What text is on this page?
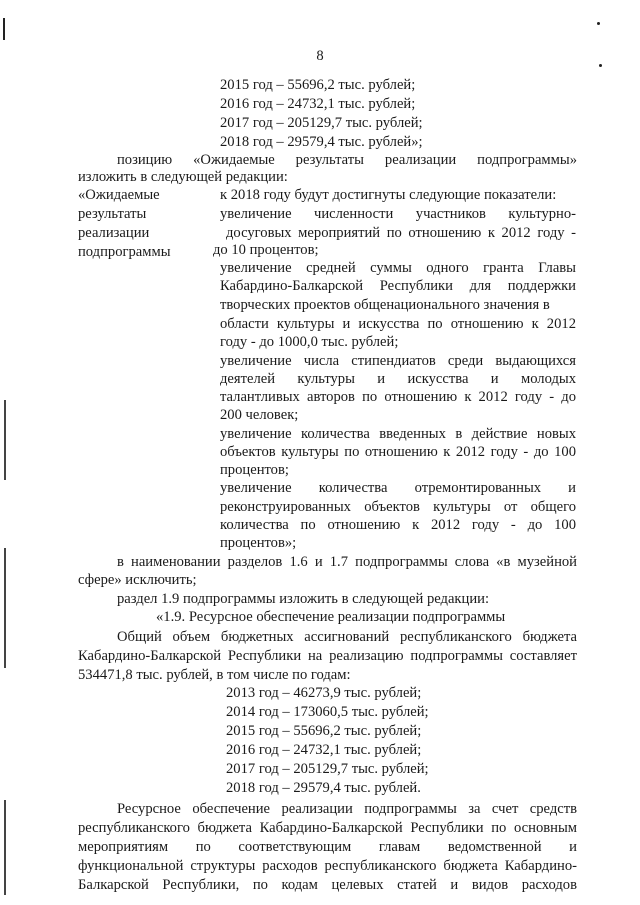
8
2015 год – 55696,2 тыс. рублей;
2016 год – 24732,1 тыс. рублей;
2017 год – 205129,7 тыс. рублей;
2018 год – 29579,4 тыс. рублей»;
позицию «Ожидаемые результаты реализации подпрограммы»
изложить в следующей редакции:
«Ожидаемые
результаты
реализации
подпрограммы
к 2018 году будут достигнуты следующие показатели:
увеличение численности участников культурно-
досуговых мероприятий по отношению к 2012 году -
до 10 процентов;
увеличение средней суммы одного гранта Главы
Кабардино-Балкарской Республики для поддержки
творческих проектов общенационального значения в
области культуры и искусства по отношению к 2012
году - до 1000,0 тыс. рублей;
увеличение числа стипендиатов среди выдающихся
деятелей культуры и искусства и молодых
талантливых авторов по отношению к 2012 году - до
200 человек;
увеличение количества введенных в действие новых
объектов культуры по отношению к 2012 году - до 100
процентов;
увеличение количества отремонтированных и
реконструированных объектов культуры от общего
количества по отношению к 2012 году - до 100
процентов»;
в наименовании разделов 1.6 и 1.7 подпрограммы слова «в музейной
сфере» исключить;
раздел 1.9 подпрограммы изложить в следующей редакции:
«1.9. Ресурсное обеспечение реализации подпрограммы
Общий объем бюджетных ассигнований республиканского бюджета
Кабардино-Балкарской Республики на реализацию подпрограммы составляет
534471,8 тыс. рублей, в том числе по годам:
2013 год – 46273,9 тыс. рублей;
2014 год – 173060,5 тыс. рублей;
2015 год – 55696,2 тыс. рублей;
2016 год – 24732,1 тыс. рублей;
2017 год – 205129,7 тыс. рублей;
2018 год – 29579,4 тыс. рублей.
Ресурсное обеспечение реализации подпрограммы за счет средств
республиканского бюджета Кабардино-Балкарской Республики по основным
мероприятиям по соответствующим главам ведомственной и
функциональной структуры расходов республиканского бюджета Кабардино-
Балкарской Республики, по кодам целевых статей и видов расходов
